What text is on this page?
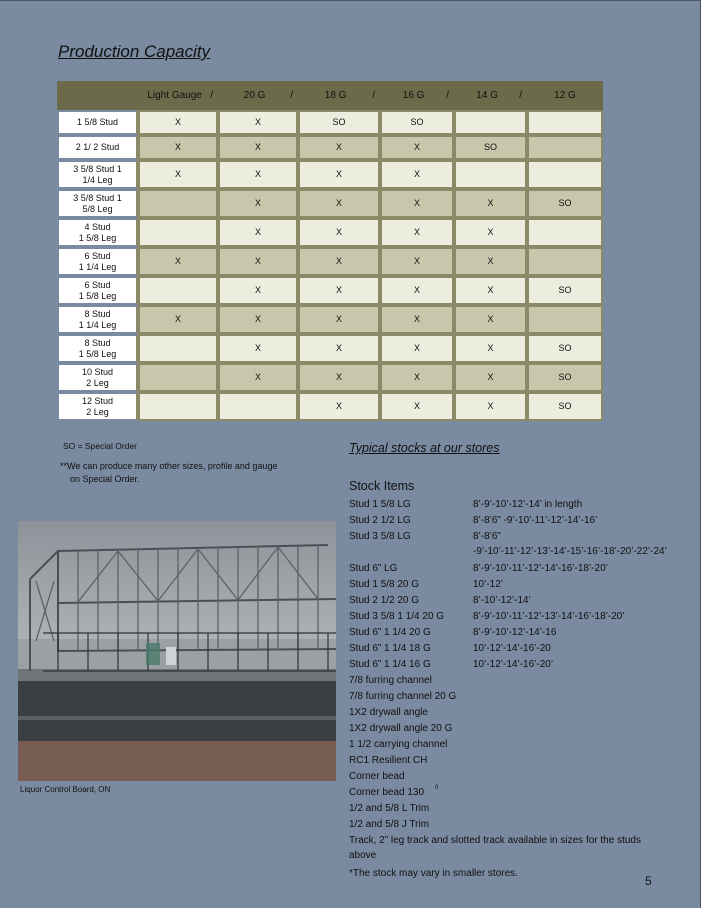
Production Capacity
	Light Gauge /	20 G /	18 G /	16 G /	14 G /	12 G

1 5/8 Stud	X	X	SO	SO		

2 1/ 2 Stud	X	X	X	X	SO	

3 5/8 Stud 1
1/4 Leg	X	X	X	X		

3 5/8 Stud 1
5/8 Leg		X	X	X	X	SO

4 Stud
1 5/8 Leg		X	X	X	X	

6 Stud
1 1/4 Leg	X	X	X	X	X	

6 Stud
1 5/8 Leg		X	X	X	X	SO

8 Stud
1 1/4 Leg	X	X	X	X	X	

8 Stud
1 5/8 Leg		X	X	X	X	SO

10 Stud
2 Leg		X	X	X	X	SO

12 Stud
2 Leg			X	X	X	SO
SO = Special Order
**We can produce many other sizes, profile and gauge
on Special Order.
Typical stocks at our stores
Stock Items
Stud 1 5/8 LG	8’-9’-10’-12’-14’ in length
Stud 2 1/2 LG	8’-8’6” -9’-10’-11’-12’-14’-16’
Stud 3 5/8 LG	8’-8’6” -9’-10’-11’-12’-13’-14’-15’-16’-18’-20’-22’-24’
Stud 6” LG	8’-9’-10’-11’-12’-14’-16’-18’-20’
Stud 1 5/8 20 G	10’-12’
Stud 2 1/2 20 G	8’-10’-12’-14’
Stud 3 5/8 1 1/4 20 G	8’-9’-10’-11’-12’-13’-14’-16’-18’-20’
Stud 6” 1 1/4 20 G	8’-9’-10’-12’-14’-16
Stud 6” 1 1/4 18 G	10’-12’-14’-16’-20
Stud 6” 1 1/4 16 G	10’-12’-14’-16’-20’
7/8 furring channel
7/8 furring channel 20 G
1X2 drywall angle
1X2 drywall angle 20 G
1 1/2 carrying channel
RC1 Resilient CH
Corner bead
Corner bead 130 0
1/2 and 5/8 L Trim
1/2 and 5/8 J Trim
Track, 2” leg track and slotted track available in sizes for the studs above
*The stock may vary in smaller stores.
Liquor Control Board, ON
5
